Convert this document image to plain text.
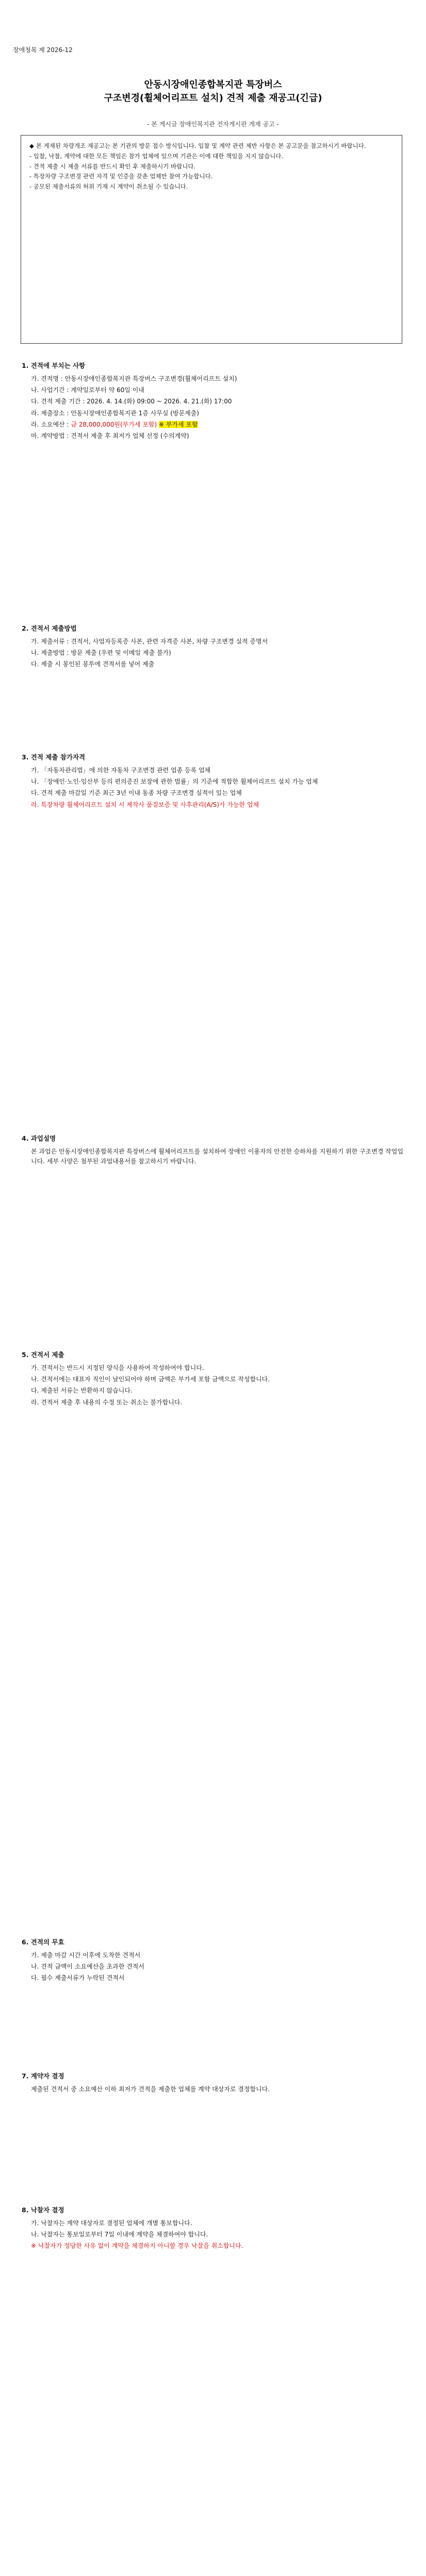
장애청복 제 2026-12
안동시장애인종합복지관 특장버스
구조변경(휠체어리프트 설치) 견적 제출 재공고(긴급)
- 본 게시글 장애인복지관 전자게시판 게재 공고 -

◆ 본 게재된 차량개조 재공고는 본 기관의 방문 접수 방식입니다. 입찰 및 계약 관련 제반 사항은 본 공고문을 참고하시기 바랍니다.

- 입찰, 낙찰, 계약에 대한 모든 책임은 참가 업체에 있으며 기관은 이에 대한 책임을 지지 않습니다.

- 견적 제출 시 제출 서류를 반드시 확인 후 제출하시기 바랍니다.

- 특장차량 구조변경 관련 자격 및 인증을 갖춘 업체만 참여 가능합니다.

- 공모된 제출서류의 허위 기재 시 계약이 취소될 수 있습니다.

1. 견적에 부치는 사항

가. 견적명 : 안동시장애인종합복지관 특장버스 구조변경(휠체어리프트 설치)

나. 사업기간 : 계약일로부터 약 60일 이내

다. 견적 제출 기간 : 2026. 4. 14.(화) 09:00 ~ 2026. 4. 21.(화) 17:00

라. 제출장소 : 안동시장애인종합복지관 1층 사무실 (방문제출)

라. 소요예산 : 금 28,000,000원(부가세 포함) ※ 부가세 포함

마. 계약방법 : 견적서 제출 후 최저가 업체 선정 (수의계약)

2. 견적서 제출방법

가. 제출서류 : 견적서, 사업자등록증 사본, 관련 자격증 사본, 차량 구조변경 실적 증명서

나. 제출방법 : 방문 제출 (우편 및 이메일 제출 불가)

다. 제출 시 봉인된 봉투에 견적서를 넣어 제출

3. 견적 제출 참가자격

가. 「자동차관리법」에 의한 자동차 구조변경 관련 업종 등록 업체

나. 「장애인·노인·임산부 등의 편의증진 보장에 관한 법률」의 기준에 적합한 휠체어리프트 설치 가능 업체

다. 견적 제출 마감일 기준 최근 3년 이내 동종 차량 구조변경 실적이 있는 업체

라. 특장차량 휠체어리프트 설치 시 제작사 품질보증 및 사후관리(A/S)가 가능한 업체

4. 과업설명

본 과업은 안동시장애인종합복지관 특장버스에 휠체어리프트를 설치하여 장애인 이용자의 안전한 승하차를 지원하기 위한 구조변경 작업입니다. 세부 사양은 첨부된 과업내용서를 참고하시기 바랍니다.

5. 견적서 제출

가. 견적서는 반드시 지정된 양식을 사용하여 작성하여야 합니다.

나. 견적서에는 대표자 직인이 날인되어야 하며 금액은 부가세 포함 금액으로 작성합니다.

다. 제출된 서류는 반환하지 않습니다.

라. 견적서 제출 후 내용의 수정 또는 취소는 불가합니다.

6. 견적의 무효

가. 제출 마감 시간 이후에 도착한 견적서

나. 견적 금액이 소요예산을 초과한 견적서

다. 필수 제출서류가 누락된 견적서

7. 계약자 결정

제출된 견적서 중 소요예산 이하 최저가 견적을 제출한 업체를 계약 대상자로 결정합니다.

8. 낙찰자 결정

가. 낙찰자는 계약 대상자로 결정된 업체에 개별 통보합니다.

나. 낙찰자는 통보일로부터 7일 이내에 계약을 체결하여야 합니다.

※ 낙찰자가 정당한 사유 없이 계약을 체결하지 아니할 경우 낙찰을 취소합니다.
